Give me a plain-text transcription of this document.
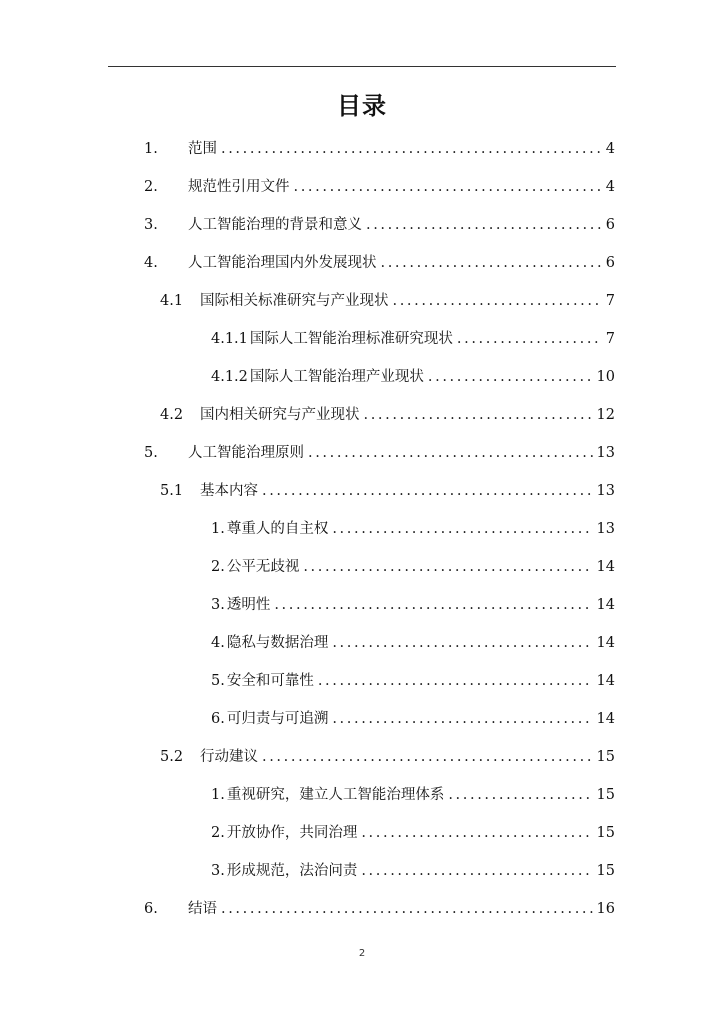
目录
1.	范围 . . .	4
2.	规范性引用文件 . . .	4
3.	人工智能治理的背景和意义 . . .	6
4.	人工智能治理国内外发展现状 . . .	6
4.1	国际相关标准研究与产业现状 . . .	7
4.1.1 国际人工智能治理标准研究现状 . . .	7
4.1.2 国际人工智能治理产业现状 . . .	10
4.2	国内相关研究与产业现状 . . .	12
5.	人工智能治理原则 . . .	13
5.1	基本内容 . . .	13
1. 尊重人的自主权 . . .	13
2. 公平无歧视 . . .	14
3. 透明性 . . .	14
4. 隐私与数据治理 . . .	14
5. 安全和可靠性 . . .	14
6. 可归责与可追溯 . . .	14
5.2	行动建议 . . .	15
1. 重视研究，建立人工智能治理体系 . . .	15
2. 开放协作，共同治理 . . .	15
3. 形成规范，法治问责 . . .	15
6.	结语 . . .	16
2
